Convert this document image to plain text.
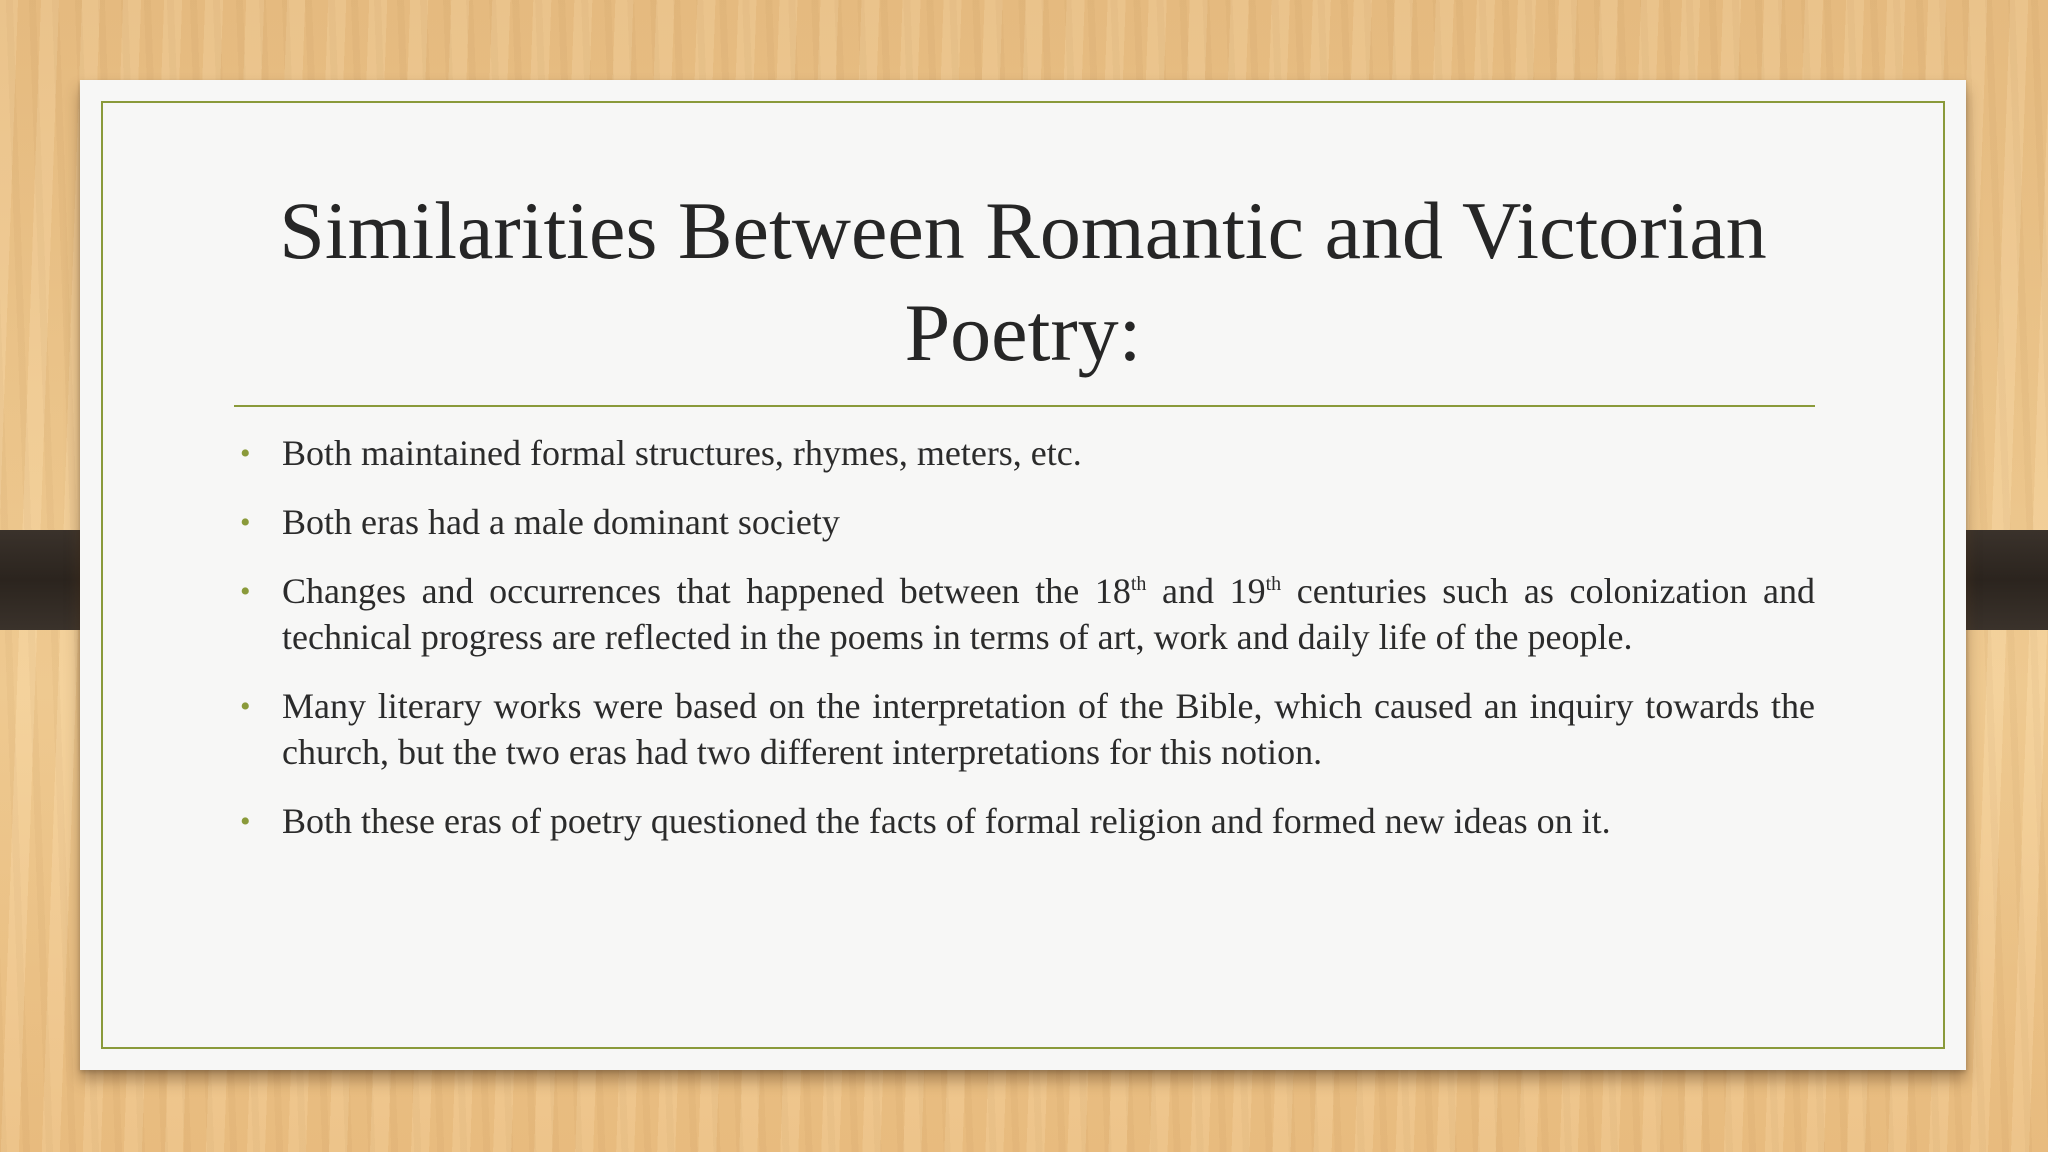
Similarities Between Romantic and Victorian Poetry:
• Both maintained formal structures, rhymes, meters, etc.
• Both eras had a male dominant society
• Changes and occurrences that happened between the 18th and 19th centuries such as colonization and technical progress are reflected in the poems in terms of art, work and daily life of the people.
• Many literary works were based on the interpretation of the Bible, which caused an inquiry towards the church, but the two eras had two different interpretations for this notion.
• Both these eras of poetry questioned the facts of formal religion and formed new ideas on it.
